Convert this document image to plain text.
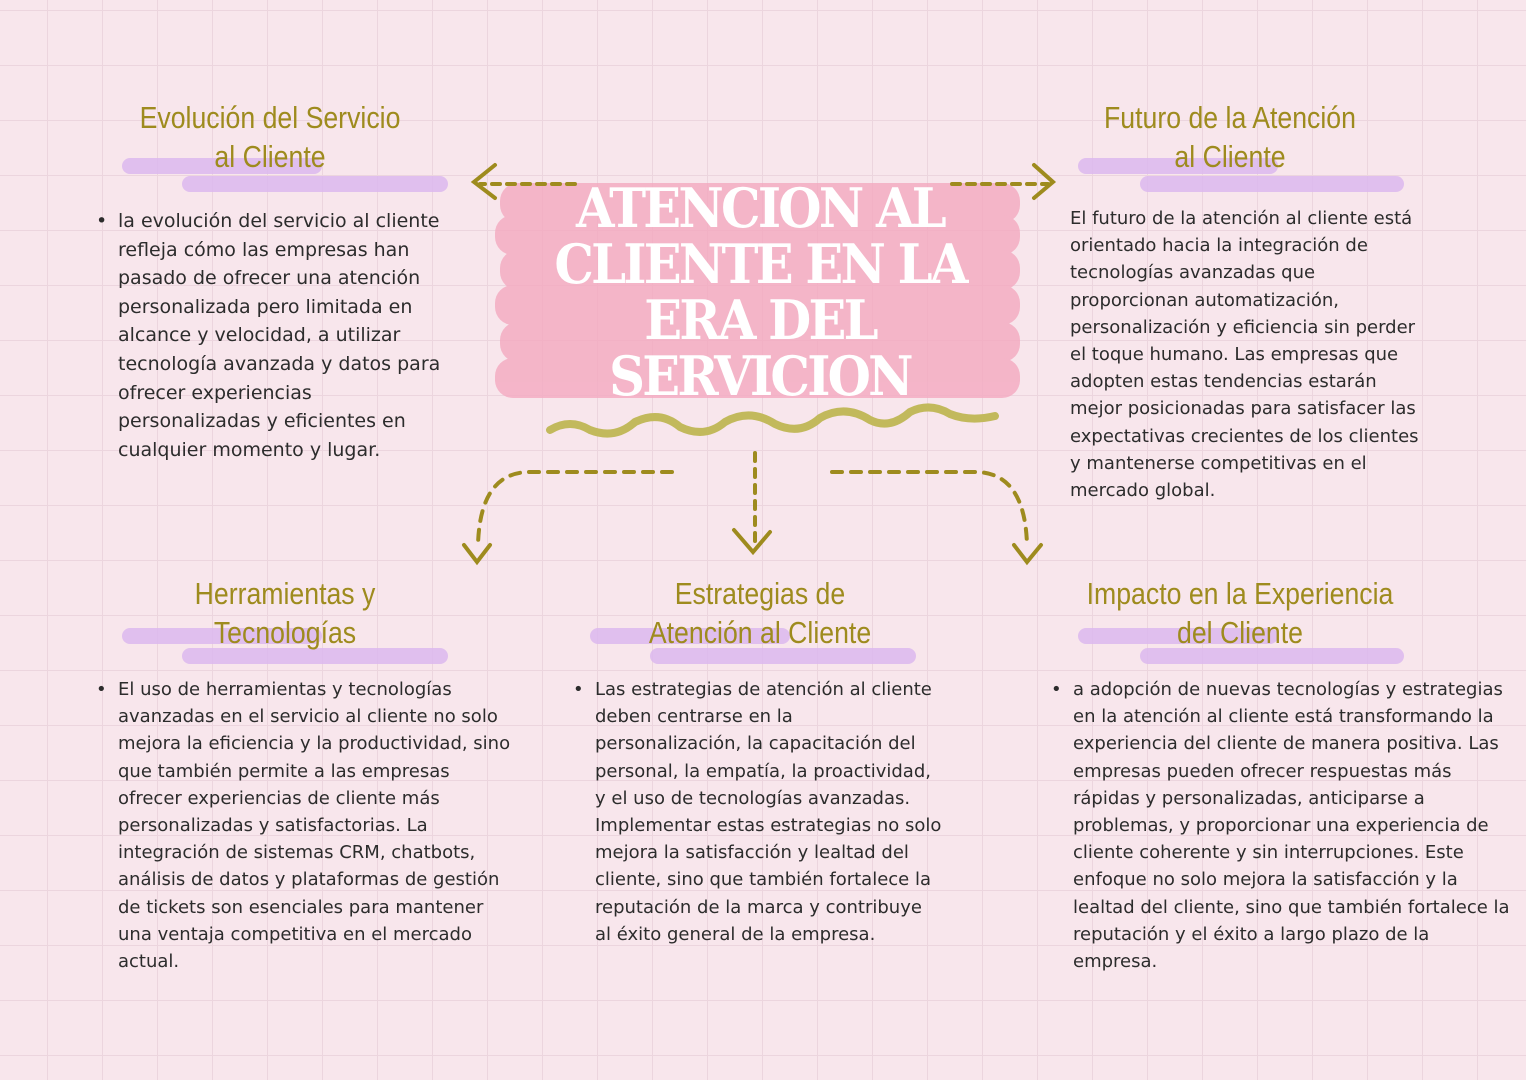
ATENCION AL CLIENTE EN LA ERA DEL SERVICION
Evolución del Servicio al Cliente
• la evolución del servicio al cliente refleja cómo las empresas han pasado de ofrecer una atención personalizada pero limitada en alcance y velocidad, a utilizar tecnología avanzada y datos para ofrecer experiencias personalizadas y eficientes en cualquier momento y lugar.
Futuro de la Atención al Cliente
El futuro de la atención al cliente está orientado hacia la integración de tecnologías avanzadas que proporcionan automatización, personalización y eficiencia sin perder el toque humano. Las empresas que adopten estas tendencias estarán mejor posicionadas para satisfacer las expectativas crecientes de los clientes y mantenerse competitivas en el mercado global.
Herramientas y Tecnologías
• El uso de herramientas y tecnologías avanzadas en el servicio al cliente no solo mejora la eficiencia y la productividad, sino que también permite a las empresas ofrecer experiencias de cliente más personalizadas y satisfactorias. La integración de sistemas CRM, chatbots, análisis de datos y plataformas de gestión de tickets son esenciales para mantener una ventaja competitiva en el mercado actual.
Estrategias de Atención al Cliente
• Las estrategias de atención al cliente deben centrarse en la personalización, la capacitación del personal, la empatía, la proactividad, y el uso de tecnologías avanzadas. Implementar estas estrategias no solo mejora la satisfacción y lealtad del cliente, sino que también fortalece la reputación de la marca y contribuye al éxito general de la empresa.
Impacto en la Experiencia del Cliente
• a adopción de nuevas tecnologías y estrategias en la atención al cliente está transformando la experiencia del cliente de manera positiva. Las empresas pueden ofrecer respuestas más rápidas y personalizadas, anticiparse a problemas, y proporcionar una experiencia de cliente coherente y sin interrupciones. Este enfoque no solo mejora la satisfacción y la lealtad del cliente, sino que también fortalece la reputación y el éxito a largo plazo de la empresa.
